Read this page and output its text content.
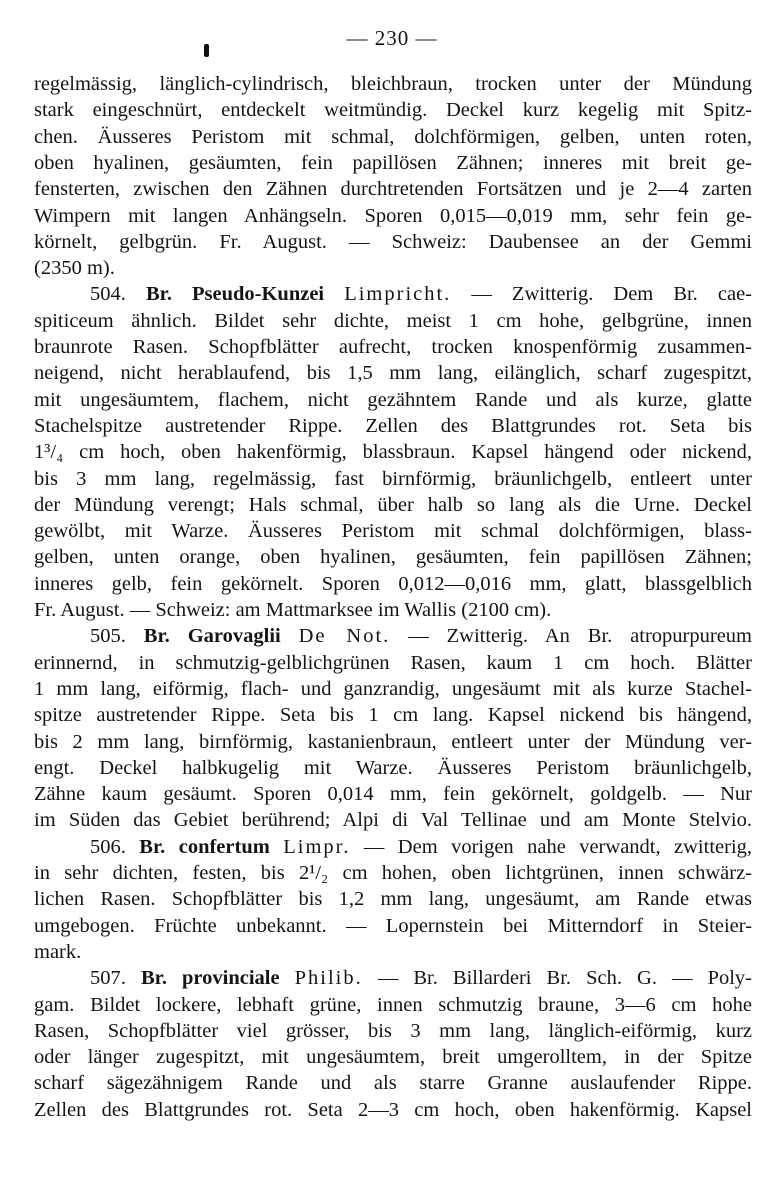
— 230 —
regelmässig, länglich-cylindrisch, bleichbraun, trocken unter der Mündung
stark eingeschnürt, entdeckelt weitmündig. Deckel kurz kegelig mit Spitz-
chen. Äusseres Peristom mit schmal, dolchförmigen, gelben, unten roten,
oben hyalinen, gesäumten, fein papillösen Zähnen; inneres mit breit ge-
fensterten, zwischen den Zähnen durchtretenden Fortsätzen und je 2—4 zarten
Wimpern mit langen Anhängseln. Sporen 0,015—0,019 mm, sehr fein ge-
körnelt, gelbgrün. Fr. August. — Schweiz: Daubensee an der Gemmi
(2350 m).
504. Br. Pseudo-Kunzei Limpricht. — Zwitterig. Dem Br. cae-
spiticeum ähnlich. Bildet sehr dichte, meist 1 cm hohe, gelbgrüne, innen
braunrote Rasen. Schopfblätter aufrecht, trocken knospenförmig zusammen-
neigend, nicht herablaufend, bis 1,5 mm lang, eilänglich, scharf zugespitzt,
mit ungesäumtem, flachem, nicht gezähntem Rande und als kurze, glatte
Stachelspitze austretender Rippe. Zellen des Blattgrundes rot. Seta bis
1³/₄ cm hoch, oben hakenförmig, blassbraun. Kapsel hängend oder nickend,
bis 3 mm lang, regelmässig, fast birnförmig, bräunlichgelb, entleert unter
der Mündung verengt; Hals schmal, über halb so lang als die Urne. Deckel
gewölbt, mit Warze. Äusseres Peristom mit schmal dolchförmigen, blass-
gelben, unten orange, oben hyalinen, gesäumten, fein papillösen Zähnen;
inneres gelb, fein gekörnelt. Sporen 0,012—0,016 mm, glatt, blassgelblich
Fr. August. — Schweiz: am Mattmarksee im Wallis (2100 cm).
505. Br. Garovaglii De Not. — Zwitterig. An Br. atropurpureum
erinnernd, in schmutzig-gelblichgrünen Rasen, kaum 1 cm hoch. Blätter
1 mm lang, eiförmig, flach- und ganzrandig, ungesäumt mit als kurze Stachel-
spitze austretender Rippe. Seta bis 1 cm lang. Kapsel nickend bis hängend,
bis 2 mm lang, birnförmig, kastanienbraun, entleert unter der Mündung ver-
engt. Deckel halbkugelig mit Warze. Äusseres Peristom bräunlichgelb,
Zähne kaum gesäumt. Sporen 0,014 mm, fein gekörnelt, goldgelb. — Nur
im Süden das Gebiet berührend; Alpi di Val Tellinae und am Monte Stelvio.
506. Br. confertum Limpr. — Dem vorigen nahe verwandt, zwitterig,
in sehr dichten, festen, bis 2¹/₂ cm hohen, oben lichtgrünen, innen schwärz-
lichen Rasen. Schopfblätter bis 1,2 mm lang, ungesäumt, am Rande etwas
umgebogen. Früchte unbekannt. — Lopernstein bei Mitterndorf in Steier-
mark.
507. Br. provinciale Philib. — Br. Billarderi Br. Sch. G. — Poly-
gam. Bildet lockere, lebhaft grüne, innen schmutzig braune, 3—6 cm hohe
Rasen, Schopfblätter viel grösser, bis 3 mm lang, länglich-eiförmig, kurz
oder länger zugespitzt, mit ungesäumtem, breit umgerolltem, in der Spitze
scharf sägezähnigem Rande und als starre Granne auslaufender Rippe.
Zellen des Blattgrundes rot. Seta 2—3 cm hoch, oben hakenförmig. Kapsel
